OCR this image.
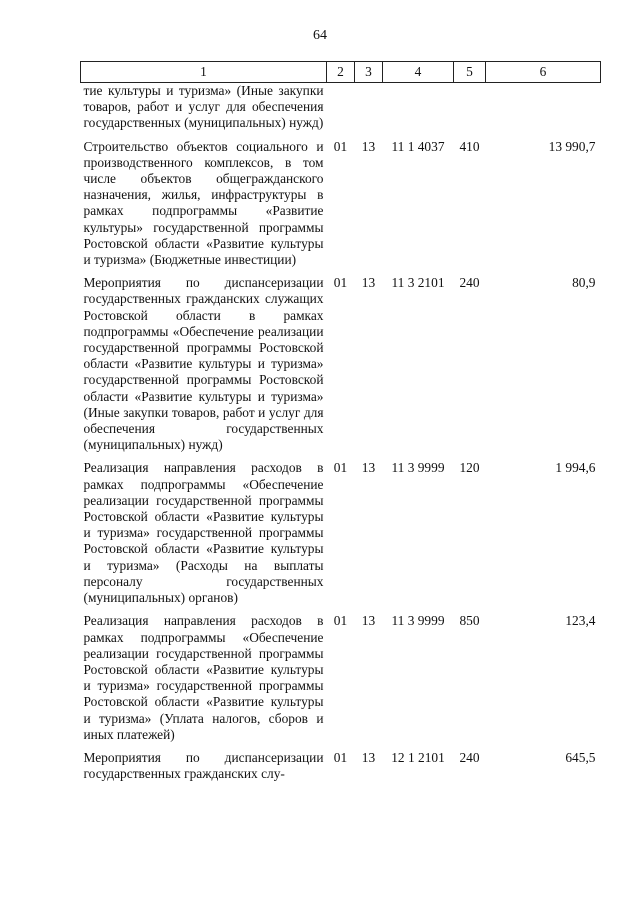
64
1	2	3	4	5	6
тие культуры и туризма» (Иные закупки товаров, работ и услуг для обеспечения государственных (муниципальных) нужд)					
Строительство объектов социального и производственного комплексов, в том числе объектов общегражданского назначения, жилья, инфраструктуры в рамках подпрограммы «Развитие культуры» государственной программы Ростовской области «Развитие культуры и туризма» (Бюджетные инвестиции)	01	13	11 1 4037	410	13 990,7
Мероприятия по диспансеризации государственных гражданских служащих Ростовской области в рамках подпрограммы «Обеспечение реализации государственной программы Ростовской области «Развитие культуры и туризма» государственной программы Ростовской области «Развитие культуры и туризма» (Иные закупки товаров, работ и услуг для обеспечения государственных (муниципальных) нужд)	01	13	11 3 2101	240	80,9
Реализация направления расходов в рамках подпрограммы «Обеспечение реализации государственной программы Ростовской области «Развитие культуры и туризма» государственной программы Ростовской области «Развитие культуры и туризма» (Расходы на выплаты персоналу государственных (муниципальных) органов)	01	13	11 3 9999	120	1 994,6
Реализация направления расходов в рамках подпрограммы «Обеспечение реализации государственной программы Ростовской области «Развитие культуры и туризма» государственной программы Ростовской области «Развитие культуры и туризма» (Уплата налогов, сборов и иных платежей)	01	13	11 3 9999	850	123,4
Мероприятия по диспансеризации государственных гражданских слу-	01	13	12 1 2101	240	645,5
